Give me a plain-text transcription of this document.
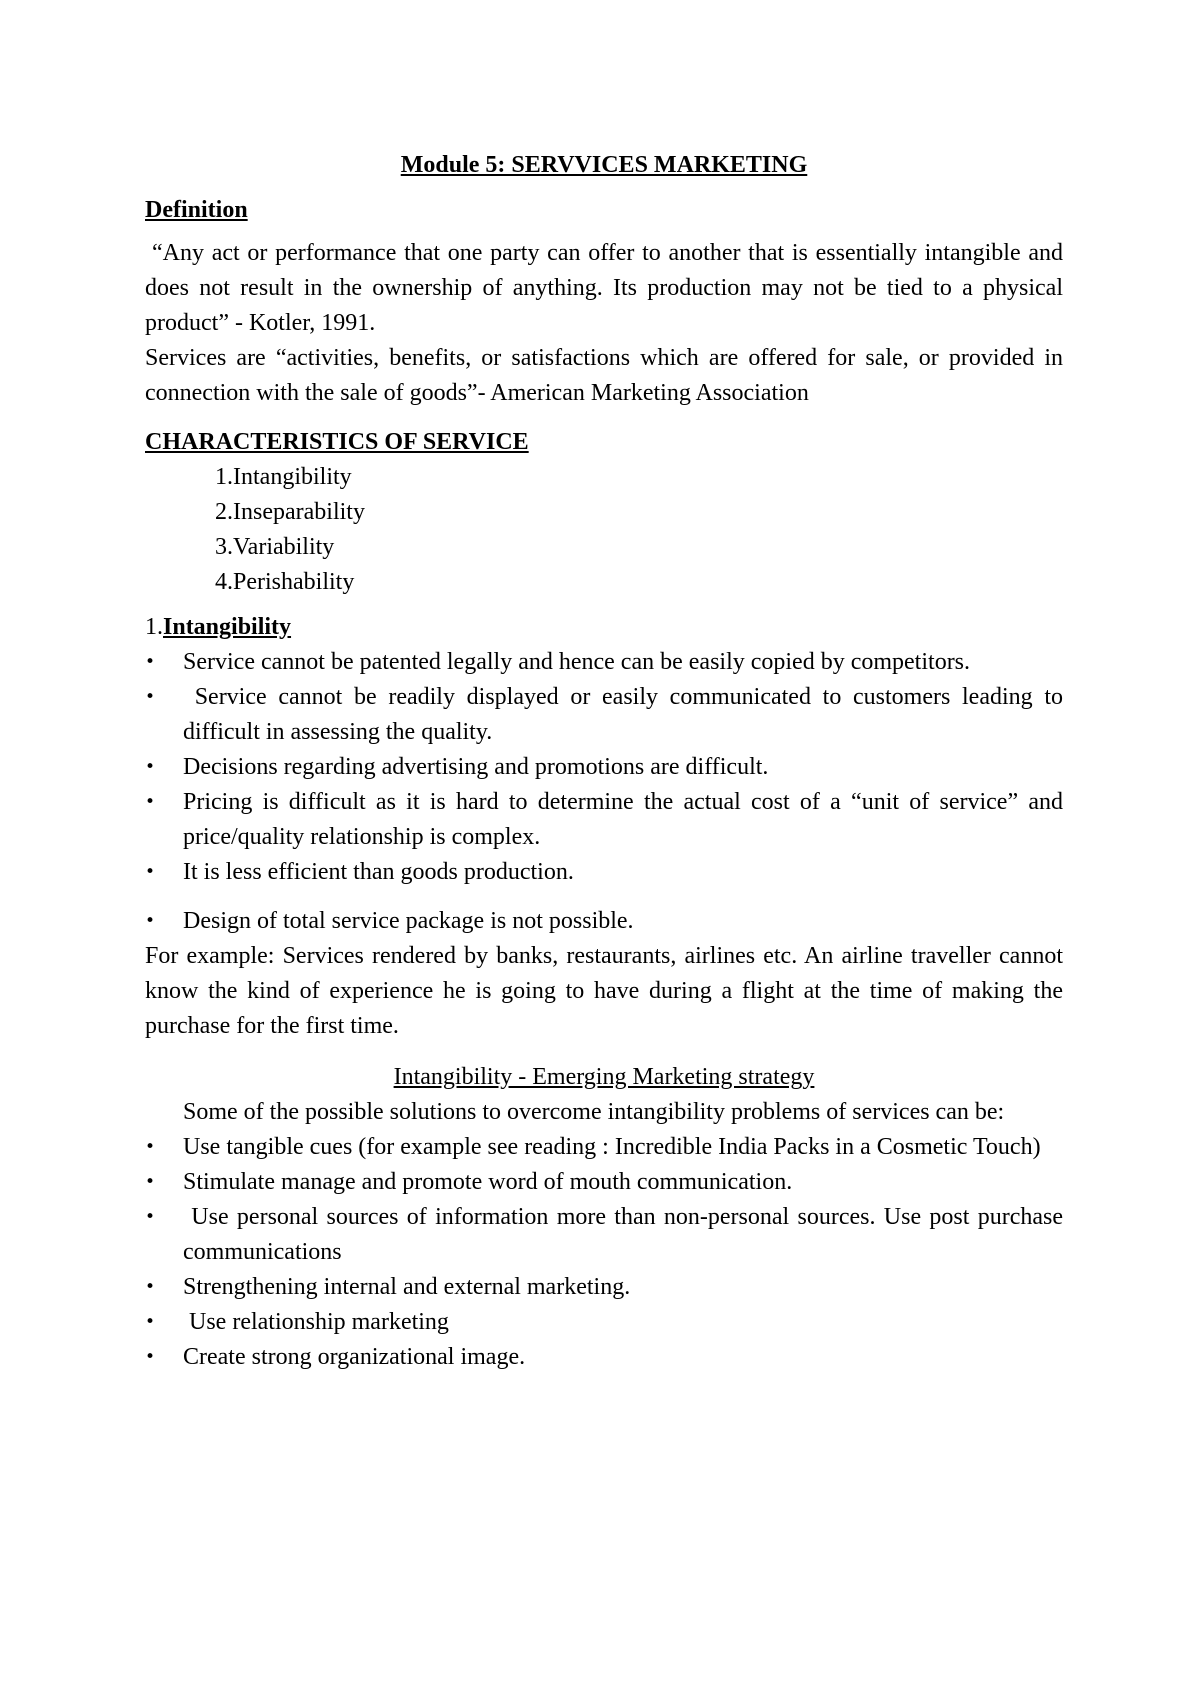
Module 5: SERVVICES MARKETING
Definition

“Any act or performance that one party can offer to another that is essentially intangible and does not result in the ownership of anything. Its production may not be tied to a physical product” - Kotler, 1991.

Services are “activities, benefits, or satisfactions which are offered for sale, or provided in connection with the sale of goods”- American Marketing Association

CHARACTERISTICS OF SERVICE
1.Intangibility
2.Inseparability
3.Variability
4.Perishability
1.Intangibility
•	Service cannot be patented legally and hence can be easily copied by competitors.
•	Service cannot be readily displayed or easily communicated to customers leading to difficult in assessing the quality.
•	Decisions regarding advertising and promotions are difficult.
•	Pricing is difficult as it is hard to determine the actual cost of a “unit of service” and price/quality relationship is complex.
•	It is less efficient than goods production.
•	Design of total service package is not possible.

For example: Services rendered by banks, restaurants, airlines etc. An airline traveller cannot know the kind of experience he is going to have during a flight at the time of making the purchase for the first time.

Intangibility - Emerging Marketing strategy

Some of the possible solutions to overcome intangibility problems of services can be:

•	Use tangible cues (for example see reading : Incredible India Packs in a Cosmetic Touch)
•	Stimulate manage and promote word of mouth communication.
•	Use personal sources of information more than non-personal sources. Use post purchase communications
•	Strengthening internal and external marketing.
•	Use relationship marketing
•	Create strong organizational image.
